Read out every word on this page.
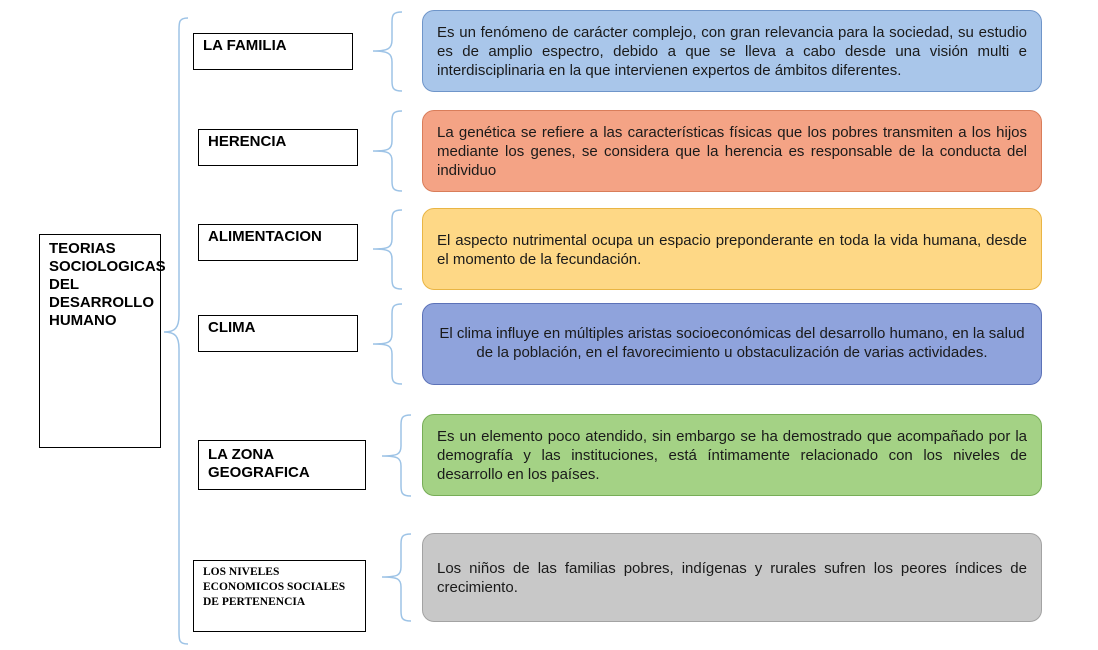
TEORIAS SOCIOLOGICAS DEL DESARROLLO HUMANO
LA FAMILIA
HERENCIA
ALIMENTACION
CLIMA
LA ZONA GEOGRAFICA
LOS NIVELES ECONOMICOS SOCIALES DE PERTENENCIA
Es un fenómeno de carácter complejo, con gran relevancia para la sociedad, su estudio es de amplio espectro, debido a que se lleva a cabo desde una visión multi e interdisciplinaria en la que intervienen expertos de ámbitos diferentes.
La genética se refiere a las características físicas que los pobres transmiten a los hijos mediante los genes, se considera que la herencia es responsable de la conducta del individuo
El aspecto nutrimental ocupa un espacio preponderante en toda la vida humana, desde el momento de la fecundación.
El clima influye en múltiples aristas socioeconómicas del desarrollo humano, en la salud de la población, en el favorecimiento u obstaculización de varias actividades.
Es un elemento poco atendido, sin embargo se ha demostrado que acompañado por la demografía y las instituciones, está íntimamente relacionado con los niveles de desarrollo en los países.
Los niños de las familias pobres, indígenas y rurales sufren los peores índices de crecimiento.
